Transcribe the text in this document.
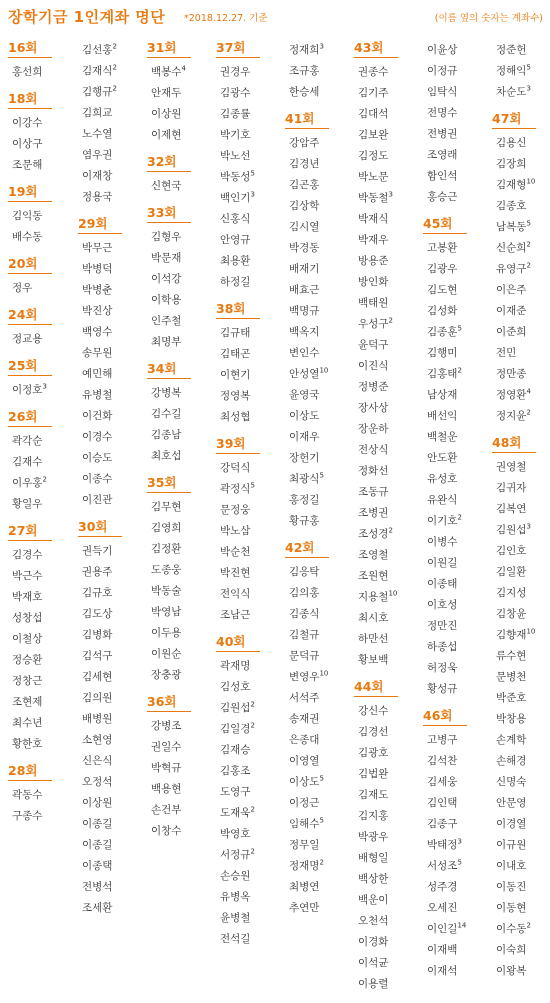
장학기금 1인계좌 명단 *2018.12.27. 기준	(이름 옆의 숫자는 계좌수)
16회
홍선희
18회
이강수
이상구
조문해
19회
김익동
배수동
20회
정우
24회
정교용
25회
이정호$^3$
26회
곽각순
김재수
이우홍$^2$
황일우
27회
김경수
박근수
박재호
성창섭
이철상
정승환
정창근
조현제
최수년
황한호
28회
곽동수
구종수
김선홍$^2$
김재식$^2$
김행규$^2$
김희교
노수열
염우권
이재창
정용국
29회
박무근
박병덕
박병춘
박진상
백영수
송무원
예민해
유병철
이건화
이경수
이승도
이종수
이진관
30회
권득기
권용주
김규호
김도상
김병화
김석구
김세현
김의원
배병원
소현영
신은식
오정석
이상원
이종길
이종길
이종택
전병석
조세환
31회
백봉수$^4$
안재두
이상원
이제현
32회
신현국
33회
김형우
박문재
이석강
이학용
인주철
최명부
34회
강병복
김수길
김종남
최호섭
35회
김무현
김영희
김정환
도종웅
박동술
박영남
이두용
이원순
장충광
36회
강병조
권일수
박혁규
백용현
손건부
이창수
37회
권경우
김광수
김종률
박기호
박노선
박동성$^5$
백인기$^3$
신홍식
안영규
최용환
하정길
38회
김규태
김태곤
이현기
정영복
최성협
39회
강덕식
곽정식$^5$
문정웅
박노삼
박순천
박진현
전익식
조남근
40회
곽재명
김성호
김원섭$^2$
김일경$^2$
김재승
김홍조
도영구
도재욱$^2$
박영호
서정규$^2$
손승원
유병옥
윤병철
전석길
정재희$^3$
조규홍
한승세
41회
강암주
김경년
김곤홍
김상학
김시열
박경동
배재기
배효근
백명규
백옥지
변인수
안성열$^{10}$
윤영국
이상도
이재우
장헌기
최광식$^5$
홍정길
황규홍
42회
김응탁
김의홍
김종식
김철규
문덕규
변영우$^{10}$
서석주
송재권
은종대
이영열
이상도$^5$
이정근
임해수$^5$
정무일
정재명$^2$
최병연
추연만
43회
권종수
김기주
김대석
김보완
김정도
박노문
박동철$^3$
박재식
박재우
방용준
방인화
백태원
우성구$^2$
윤덕구
이진식
정병준
장사상
장운하
전상식
정화선
조동규
조병권
조성경$^2$
조영철
조원현
지용철$^{10}$
최시호
하만선
황보백
44회
강신수
김경선
김광호
김법완
김재도
김지홍
박광우
배형일
백상한
백운이
오천석
이경화
이석균
이용렬
이윤상
이정규
임탁식
전명수
전병권
조영래
함인석
홍승근
45회
고봉환
김광우
김도현
김성화
김종훈$^5$
김행미
김홍태$^2$
남상재
배선익
백철운
안도환
유성호
유완식
이기호$^2$
이병수
이원길
이종태
이호성
정만진
하종섭
허정욱
황성규
46회
고병구
김석찬
김세웅
김인택
김종구
박태정$^3$
서성조$^5$
성주경
오세진
이인길$^{14}$
이재백
이재석
정준헌
정해익$^5$
차순도$^3$
47회
김용신
김장희
김재형$^{10}$
김종호
남복동$^5$
신순희$^2$
유영구$^2$
이은주
이재준
이준희
전민
정만종
정영환$^4$
정지윤$^2$
48회
권영철
김귀자
김복연
김원섭$^3$
김인호
김일환
김지성
김창윤
김향재$^{10}$
류수현
문병천
박준호
박창용
손계학
손해경
신명숙
안문영
이경열
이규원
이내호
이동진
이동현
이수동$^2$
이숙희
이왕복
